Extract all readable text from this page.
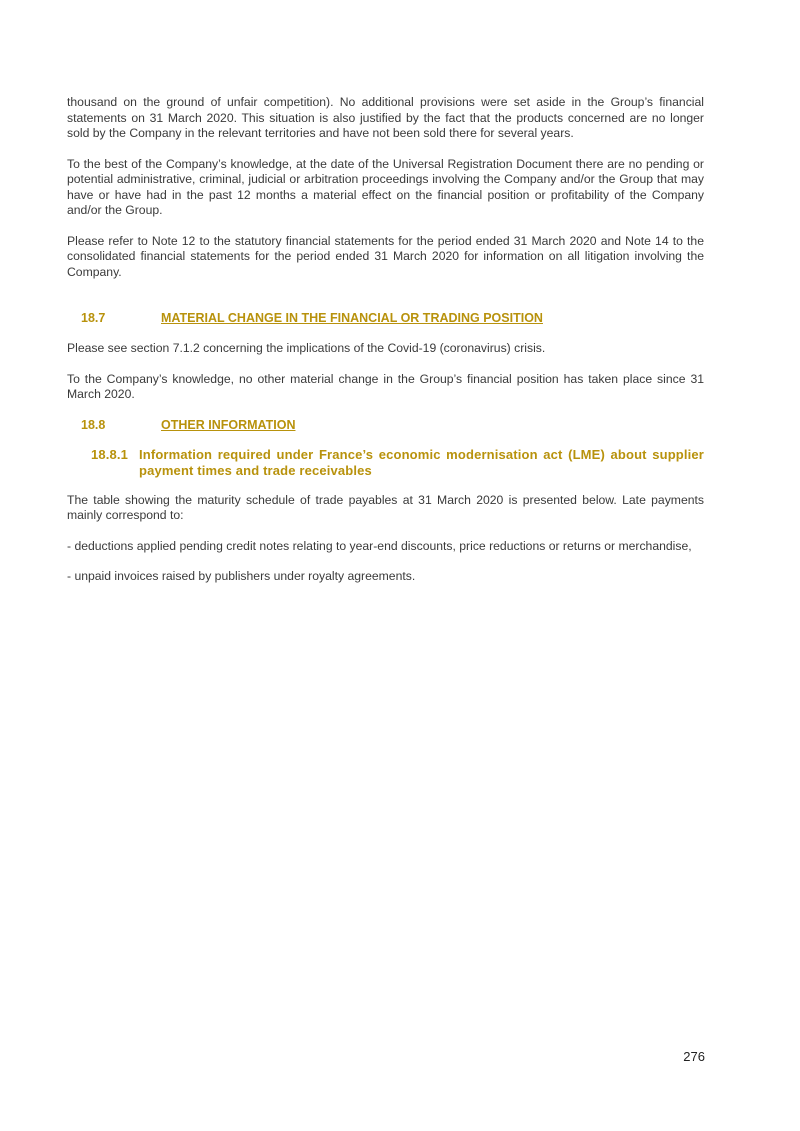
thousand on the ground of unfair competition). No additional provisions were set aside in the Group’s financial statements on 31 March 2020. This situation is also justified by the fact that the products concerned are no longer sold by the Company in the relevant territories and have not been sold there for several years.

To the best of the Company’s knowledge, at the date of the Universal Registration Document there are no pending or potential administrative, criminal, judicial or arbitration proceedings involving the Company and/or the Group that may have or have had in the past 12 months a material effect on the financial position or profitability of the Company and/or the Group.

Please refer to Note 12 to the statutory financial statements for the period ended 31 March 2020 and Note 14 to the consolidated financial statements for the period ended 31 March 2020 for information on all litigation involving the Company.

18.7	MATERIAL CHANGE IN THE FINANCIAL OR TRADING POSITION

Please see section 7.1.2 concerning the implications of the Covid-19 (coronavirus) crisis.

To the Company’s knowledge, no other material change in the Group’s financial position has taken place since 31 March 2020.

18.8	OTHER INFORMATION
18.8.1 Information required under France’s economic modernisation act (LME) about supplier payment times and trade receivables

The table showing the maturity schedule of trade payables at 31 March 2020 is presented below. Late payments mainly correspond to:

- deductions applied pending credit notes relating to year-end discounts, price reductions or returns or merchandise,

- unpaid invoices raised by publishers under royalty agreements.

276
